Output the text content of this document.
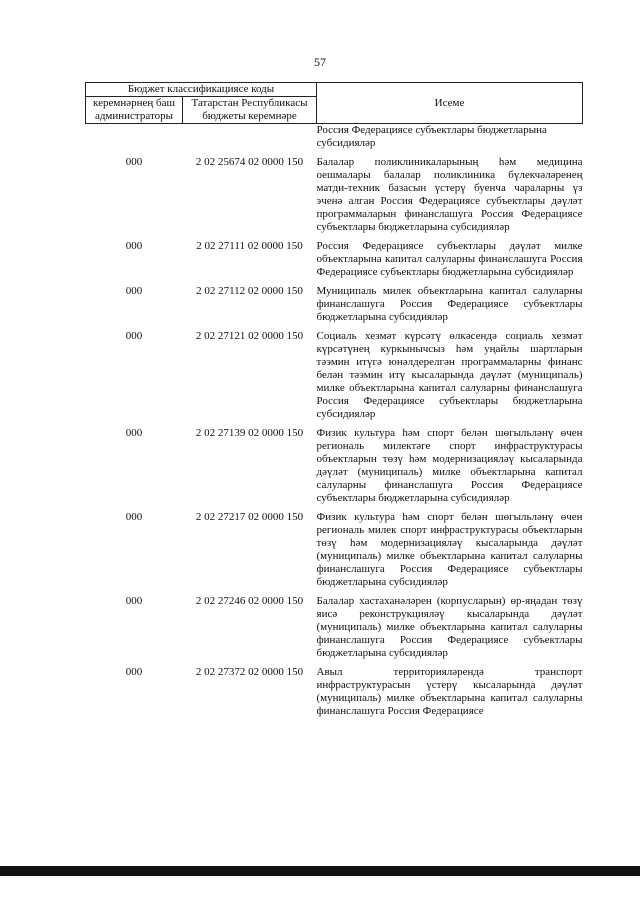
57
Бюджет классификациясе коды		Исеме
керемнәрнең баш администраторы	Татарстан Республикасы бюджеты керемнәре	
		Россия Федерациясе субъектлары бюджетларына субсидияләр

000	2 02 25674 02 0000 150	Балалар поликлиникаларының һәм медицина оешмалары балалар поликлиника бүлекчәләренең матди-техник базасын үстерү буенча чараларны үз эченә алган Россия Федерациясе субъектлары дәүләт программаларын финанслашуга Россия Федерациясе субъектлары бюджетларына субсидияләр

000	2 02 27111 02 0000 150	Россия Федерациясе субъектлары дәүләт милке объектларына капитал салуларны финанслашуга Россия Федерациясе субъектлары бюджетларына субсидияләр

000	2 02 27112 02 0000 150	Муниципаль милек объектларына капитал салуларны финанслашуга Россия Федерациясе субъектлары бюджетларына субсидияләр

000	2 02 27121 02 0000 150	Социаль хезмәт күрсәтү өлкәсендә социаль хезмәт күрсәтүнең куркынычсыз һәм уңайлы шартларын тәэмин итүгә юнәлдерелгән программаларны финанс белән тәэмин итү кысаларында дәүләт (муниципаль) милке объектларына капитал салуларны финанслашуга Россия Федерациясе субъектлары бюджетларына субсидияләр

000	2 02 27139 02 0000 150	Физик культура һәм спорт белән шөгыльләнү өчен региональ милектәге спорт инфраструктурасы объектларын төзү һәм модернизацияләү кысаларында дәүләт (муниципаль) милке объектларына капитал салуларны финанслашуга Россия Федерациясе субъектлары бюджетларына субсидияләр

000	2 02 27217 02 0000 150	Физик культура һәм спорт белән шөгыльләнү өчен региональ милек спорт инфраструктурасы объектларын төзү һәм модернизацияләү кысаларында дәүләт (муниципаль) милке объектларына капитал салуларны финанслашуга Россия Федерациясе субъектлары бюджетларына субсидияләр

000	2 02 27246 02 0000 150	Балалар хастаханәләрен (корпусларын) өр-яңадан төзү яисә реконструкцияләү кысаларында дәүләт (муниципаль) милке объектларына капитал салуларны финанслашуга Россия Федерациясе субъектлары бюджетларына субсидияләр

000	2 02 27372 02 0000 150	Авыл территорияләрендә транспорт инфраструктурасын үстерү кысаларында дәүләт (муниципаль) милке объектларына капитал салуларны финанслашуга Россия Федерациясе
